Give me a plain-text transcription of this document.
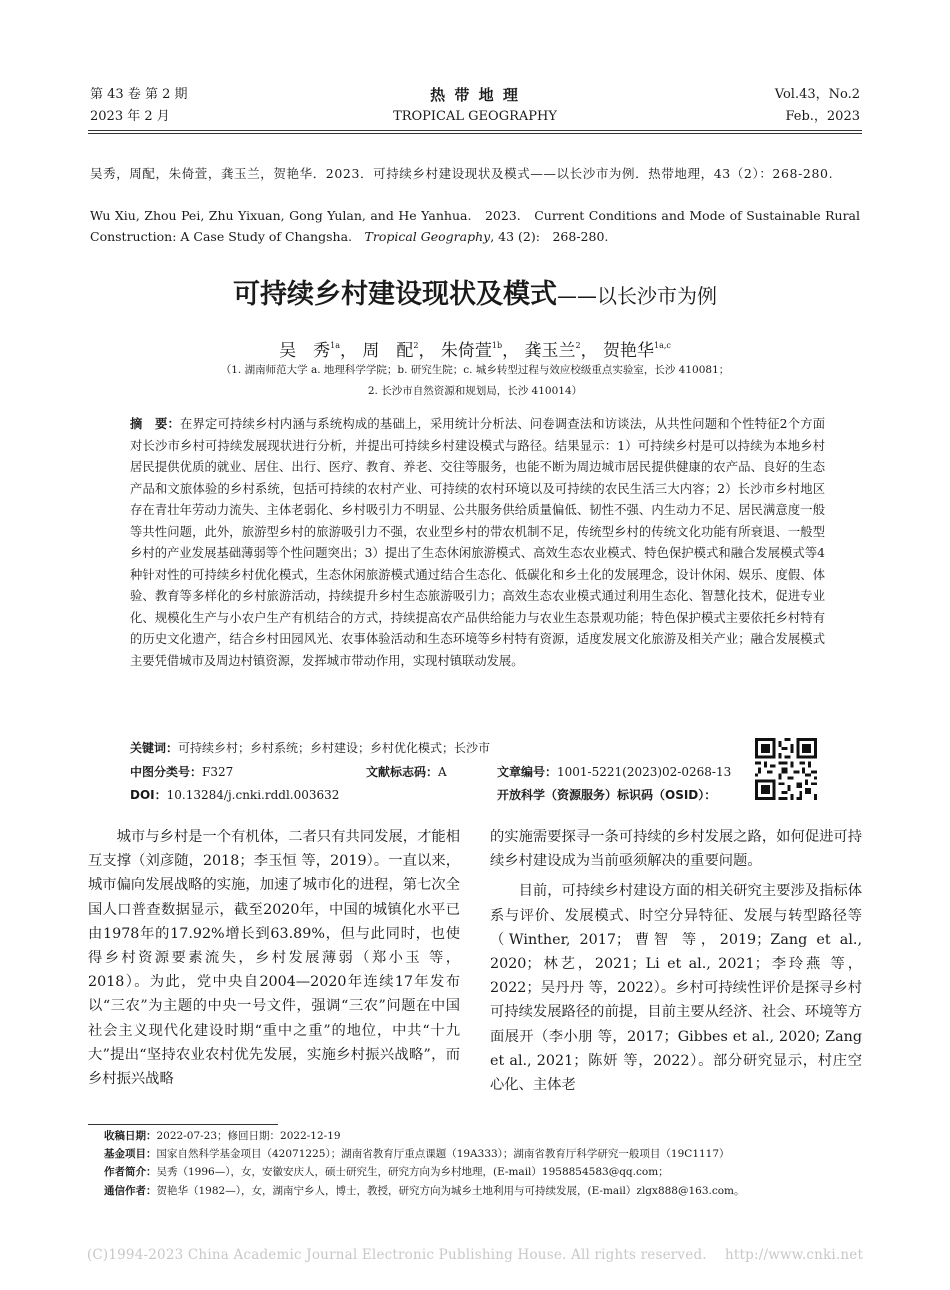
第 43 卷 第 2 期
2023 年 2 月
热 带 地 理
TROPICAL GEOGRAPHY
Vol.43，No.2
Feb.，2023
吴秀，周配，朱倚萱，龚玉兰，贺艳华．2023．可持续乡村建设现状及模式——以长沙市为例．热带地理，43（2）：268-280.
Wu Xiu, Zhou Pei, Zhu Yixuan, Gong Yulan, and He Yanhua.　2023.　Current Conditions and Mode of Sustainable Rural Construction: A Case Study of Changsha.　Tropical Geography, 43 (2):　268-280.
可持续乡村建设现状及模式——以长沙市为例
吴　秀$^{1a}$， 周　配$^2$， 朱倚萱$^{1b}$， 龚玉兰$^2$， 贺艳华$^{1a,c}$
（1. 湖南师范大学 a. 地理科学学院；b. 研究生院；c. 城乡转型过程与效应校级重点实验室，长沙 410081；
2. 长沙市自然资源和规划局，长沙 410014）
摘　要：在界定可持续乡村内涵与系统构成的基础上，采用统计分析法、问卷调查法和访谈法，从共性问题和个性特征2个方面对长沙市乡村可持续发展现状进行分析，并提出可持续乡村建设模式与路径。结果显示：1）可持续乡村是可以持续为本地乡村居民提供优质的就业、居住、出行、医疗、教育、养老、交往等服务，也能不断为周边城市居民提供健康的农产品、良好的生态产品和文旅体验的乡村系统，包括可持续的农村产业、可持续的农村环境以及可持续的农民生活三大内容；2）长沙市乡村地区存在青壮年劳动力流失、主体老弱化、乡村吸引力不明显、公共服务供给质量偏低、韧性不强、内生动力不足、居民满意度一般等共性问题，此外，旅游型乡村的旅游吸引力不强，农业型乡村的带农机制不足，传统型乡村的传统文化功能有所衰退、一般型乡村的产业发展基础薄弱等个性问题突出；3）提出了生态休闲旅游模式、高效生态农业模式、特色保护模式和融合发展模式等4种针对性的可持续乡村优化模式，生态休闲旅游模式通过结合生态化、低碳化和乡土化的发展理念，设计休闲、娱乐、度假、体验、教育等多样化的乡村旅游活动，持续提升乡村生态旅游吸引力；高效生态农业模式通过利用生态化、智慧化技术，促进专业化、规模化生产与小农户生产有机结合的方式，持续提高农产品供给能力与农业生态景观功能；特色保护模式主要依托乡村特有的历史文化遗产，结合乡村田园风光、农事体验活动和生态环境等乡村特有资源，适度发展文化旅游及相关产业；融合发展模式主要凭借城市及周边村镇资源，发挥城市带动作用，实现村镇联动发展。
关键词：可持续乡村；乡村系统；乡村建设；乡村优化模式；长沙市
中图分类号：F327	文献标志码：A	文章编号：1001-5221(2023)02-0268-13
DOI：10.13284/j.cnki.rddl.003632	开放科学（资源服务）标识码（OSID）：

城市与乡村是一个有机体，二者只有共同发展，才能相互支撑（刘彦随，2018；李玉恒 等，2019）。一直以来，城市偏向发展战略的实施，加速了城市化的进程，第七次全国人口普查数据显示，截至2020年，中国的城镇化水平已由1978年的17.92%增长到63.89%，但与此同时，也使得乡村资源要素流失，乡村发展薄弱（郑小玉 等，2018）。为此，党中央自2004—2020年连续17年发布以“三农”为主题的中央一号文件，强调“三农”问题在中国社会主义现代化建设时期“重中之重”的地位，中共“十九大”提出“坚持农业农村优先发展，实施乡村振兴战略”，而乡村振兴战略

的实施需要探寻一条可持续的乡村发展之路，如何促进可持续乡村建设成为当前亟须解决的重要问题。

目前，可持续乡村建设方面的相关研究主要涉及指标体系与评价、发展模式、时空分异特征、发展与转型路径等（Winther, 2017；曹智 等，2019；Zang et al., 2020；林艺，2021；Li et al., 2021；李玲燕 等，2022；吴丹丹 等，2022）。乡村可持续性评价是探寻乡村可持续发展路径的前提，目前主要从经济、社会、环境等方面展开（李小朋 等，2017；Gibbes et al., 2020; Zang et al., 2021；陈妍 等，2022）。部分研究显示，村庄空心化、主体老

收稿日期：2022-07-23；修回日期：2022-12-19
基金项目：国家自然科学基金项目（42071225）；湖南省教育厅重点课题（19A333）；湖南省教育厅科学研究一般项目（19C1117）
作者简介：吴秀（1996—），女，安徽安庆人，硕士研究生，研究方向为乡村地理，(E-mail）1958854583@qq.com；
通信作者：贺艳华（1982—），女，湖南宁乡人，博士，教授，研究方向为城乡土地利用与可持续发展，(E-mail）zlgx888@163.com。
(C)1994-2023 China Academic Journal Electronic Publishing House. All rights reserved.　 http://www.cnki.net
